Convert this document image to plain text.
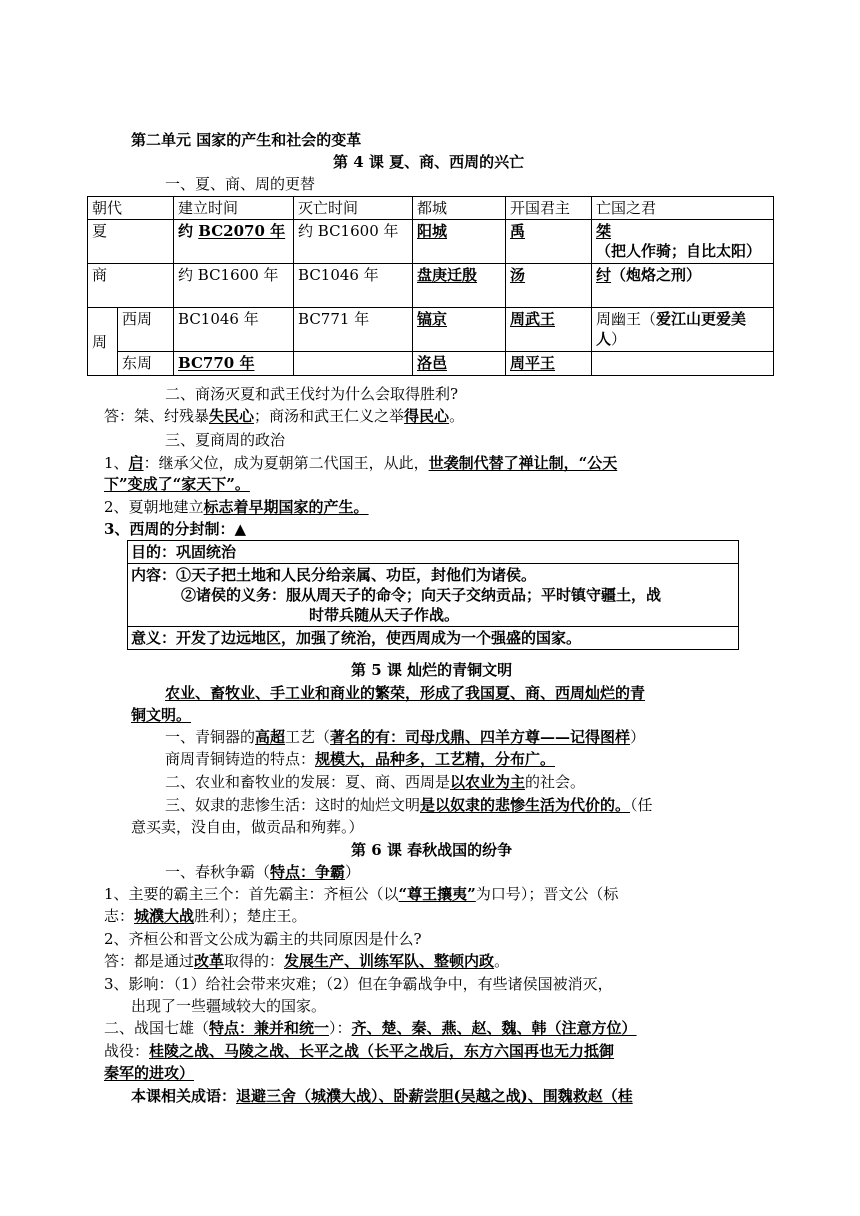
第二单元 国家的产生和社会的变革
第 4 课 夏、商、西周的兴亡
一、夏、商、周的更替
朝代		建立时间	灭亡时间	都城	开国君主	亡国之君
夏		约 BC2070 年	约 BC1600 年	阳城	禹	桀（把人作骑；自比太阳）
商		约 BC1600 年	BC1046 年	盘庚迁殷	汤	纣（炮烙之刑）
周	西周	BC1046 年	BC771 年	镐京	周武王	周幽王（爱江山更爱美人）
	东周	BC770 年		洛邑	周平王	
二、商汤灭夏和武王伐纣为什么会取得胜利?
答：桀、纣残暴失民心；商汤和武王仁义之举得民心。
三、夏商周的政治
1、启：继承父位，成为夏朝第二代国王，从此，世袭制代替了禅让制，“公天
下”变成了“家天下”。
2、夏朝地建立标志着早期国家的产生。
3、西周的分封制：▲
目的：巩固统治
内容：①天子把土地和人民分给亲属、功臣，封他们为诸侯。
②诸侯的义务：服从周天子的命令；向天子交纳贡品；平时镇守疆土，战
时带兵随从天子作战。
意义：开发了边远地区，加强了统治，使西周成为一个强盛的国家。
第 5 课 灿烂的青铜文明
农业、畜牧业、手工业和商业的繁荣，形成了我国夏、商、西周灿烂的青
铜文明。
一、青铜器的高超工艺（著名的有：司母戊鼎、四羊方尊——记得图样）
商周青铜铸造的特点：规模大，品种多，工艺精，分布广。
二、农业和畜牧业的发展：夏、商、西周是以农业为主的社会。
三、奴隶的悲惨生活：这时的灿烂文明是以奴隶的悲惨生活为代价的。（任
意买卖，没自由，做贡品和殉葬。）
第 6 课 春秋战国的纷争
一、春秋争霸（特点：争霸）
1、主要的霸主三个：首先霸主：齐桓公（以“尊王攘夷”为口号）；晋文公（标
志：城濮大战胜利）；楚庄王。
2、齐桓公和晋文公成为霸主的共同原因是什么?
答：都是通过改革取得的：发展生产、训练军队、整顿内政。
3、影响：（1）给社会带来灾难；（2）但在争霸战争中，有些诸侯国被消灭，
出现了一些疆域较大的国家。
二、战国七雄（特点：兼并和统一）：齐、楚、秦、燕、赵、魏、韩（注意方位）
战役：桂陵之战、马陵之战、长平之战（长平之战后，东方六国再也无力抵御
秦军的进攻）
本课相关成语：退避三舍（城濮大战）、卧薪尝胆(吴越之战)、围魏救赵（桂
